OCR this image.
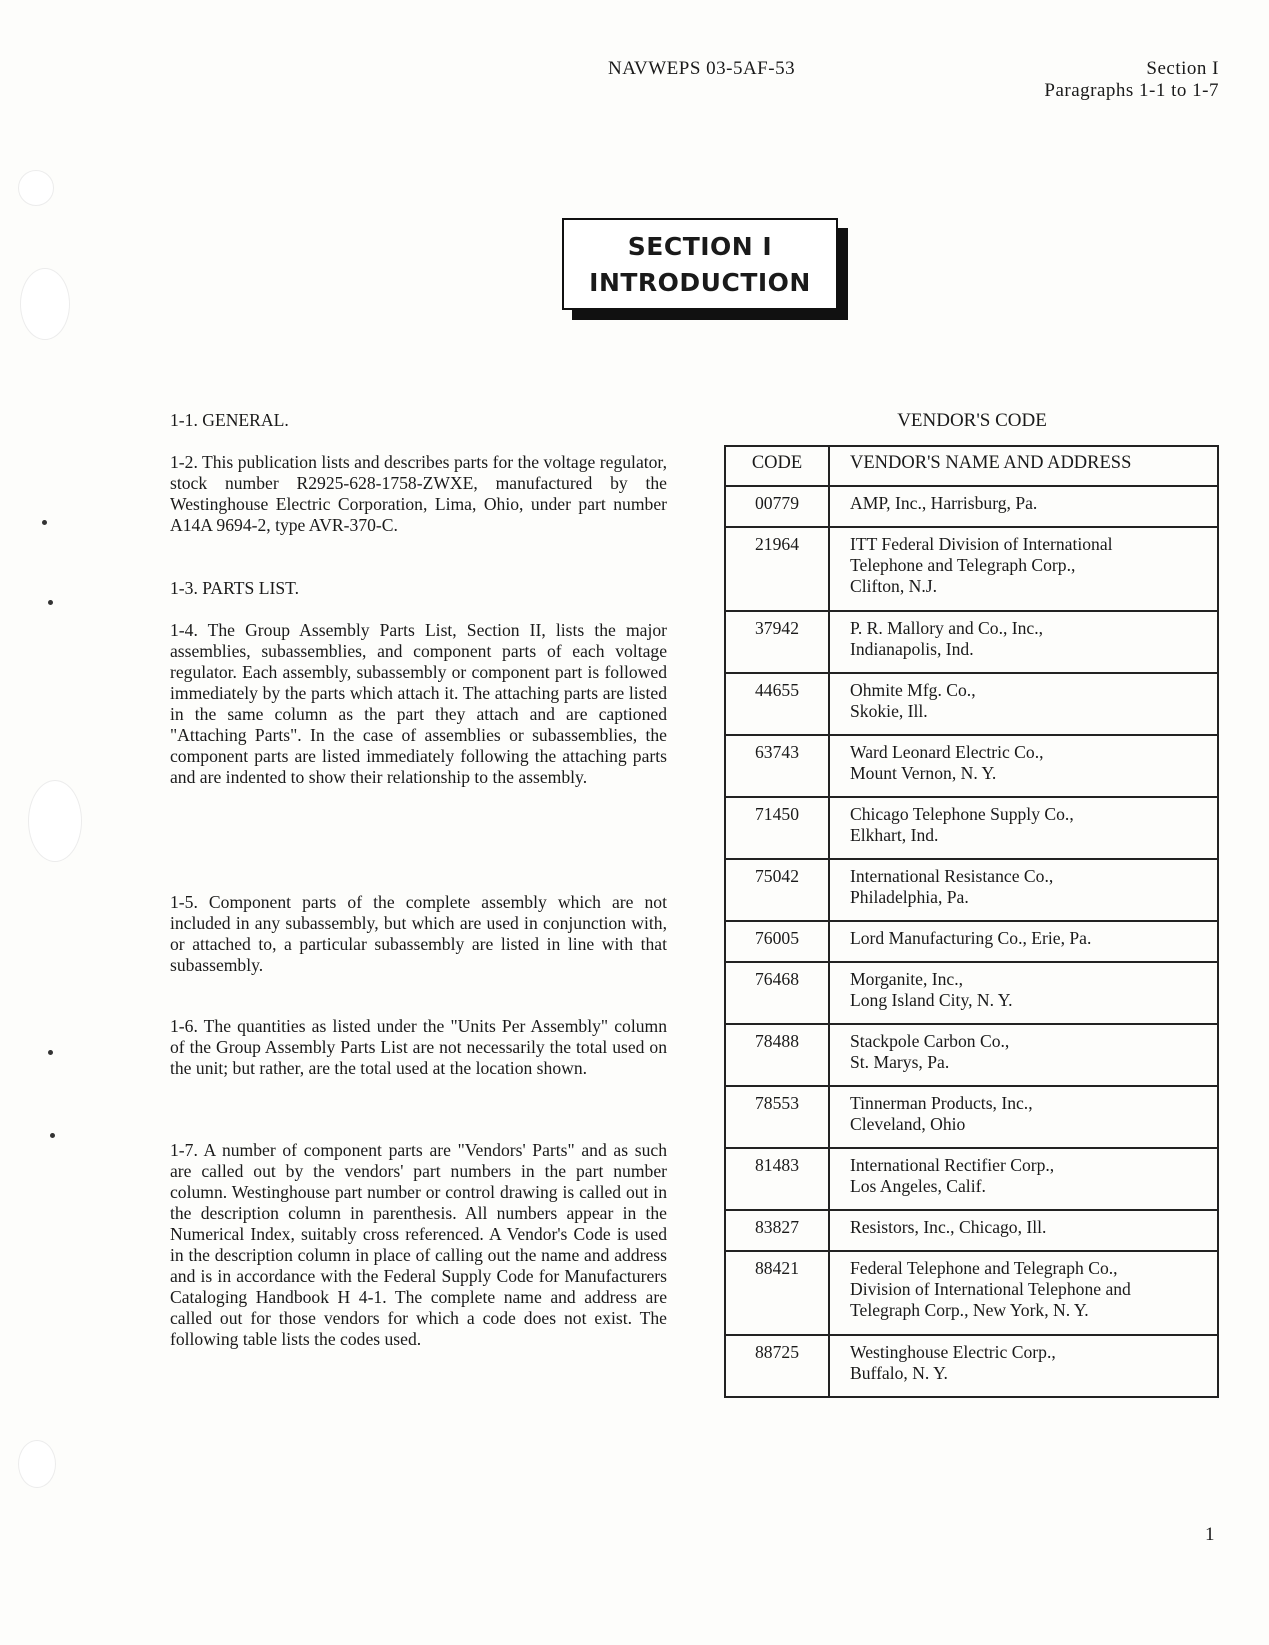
NAVWEPS 03-5AF-53	Section I
Paragraphs 1-1 to 1-7
SECTION I
INTRODUCTION

1-1. GENERAL.

1-2. This publication lists and describes parts for the voltage regulator, stock number R2925-628-1758-ZWXE, manufactured by the Westinghouse Electric Corporation, Lima, Ohio, under part number A14A 9694-2, type AVR-370-C.

1-3. PARTS LIST.

1-4. The Group Assembly Parts List, Section II, lists the major assemblies, subassemblies, and component parts of each voltage regulator. Each assembly, subassembly or component part is followed immediately by the parts which attach it. The attaching parts are listed in the same column as the part they attach and are captioned "Attaching Parts". In the case of assemblies or subassemblies, the component parts are listed immediately following the attaching parts and are indented to show their relationship to the assembly.

1-5. Component parts of the complete assembly which are not included in any subassembly, but which are used in conjunction with, or attached to, a particular subassembly are listed in line with that subassembly.

1-6. The quantities as listed under the "Units Per Assembly" column of the Group Assembly Parts List are not necessarily the total used on the unit; but rather, are the total used at the location shown.

1-7. A number of component parts are "Vendors' Parts" and as such are called out by the vendors' part numbers in the part number column. Westinghouse part number or control drawing is called out in the description column in parenthesis. All numbers appear in the Numerical Index, suitably cross referenced. A Vendor's Code is used in the description column in place of calling out the name and address and is in accordance with the Federal Supply Code for Manufacturers Cataloging Handbook H 4-1. The complete name and address are called out for those vendors for which a code does not exist. The following table lists the codes used.

VENDOR'S CODE
CODE	VENDOR'S NAME AND ADDRESS
00779	AMP, Inc., Harrisburg, Pa.
21964	ITT Federal Division of International
Telephone and Telegraph Corp.,
Clifton, N.J.
37942	P. R. Mallory and Co., Inc.,
Indianapolis, Ind.
44655	Ohmite Mfg. Co.,
Skokie, Ill.
63743	Ward Leonard Electric Co.,
Mount Vernon, N. Y.
71450	Chicago Telephone Supply Co.,
Elkhart, Ind.
75042	International Resistance Co.,
Philadelphia, Pa.
76005	Lord Manufacturing Co., Erie, Pa.
76468	Morganite, Inc.,
Long Island City, N. Y.
78488	Stackpole Carbon Co.,
St. Marys, Pa.
78553	Tinnerman Products, Inc.,
Cleveland, Ohio
81483	International Rectifier Corp.,
Los Angeles, Calif.
83827	Resistors, Inc., Chicago, Ill.
88421	Federal Telephone and Telegraph Co.,
Division of International Telephone and
Telegraph Corp., New York, N. Y.
88725	Westinghouse Electric Corp.,
Buffalo, N. Y.
1
